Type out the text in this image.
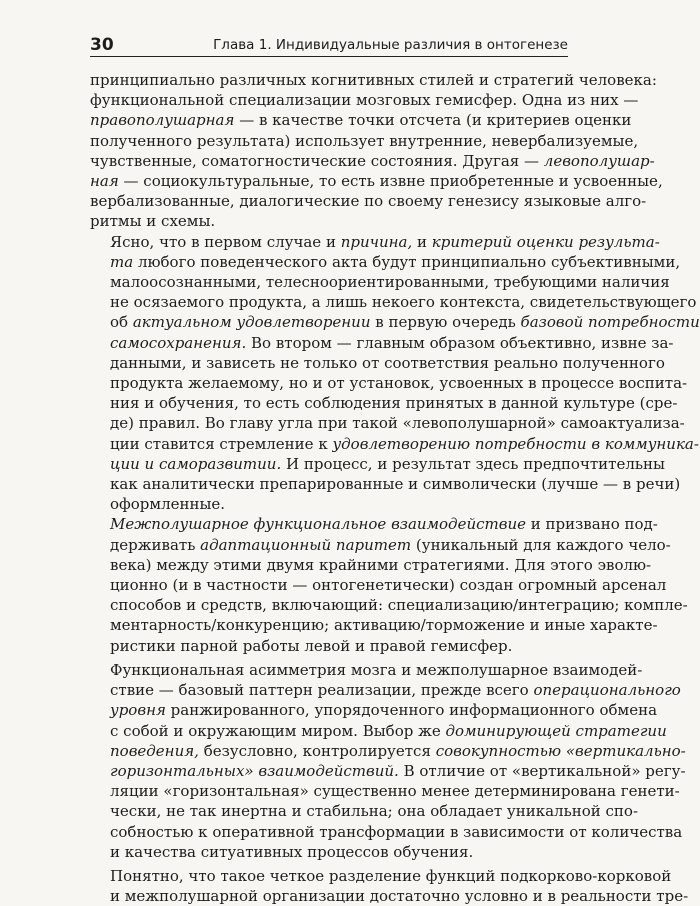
30	Глава 1. Индивидуальные различия в онтогенезе

принципиально различных когнитивных стилей и стратегий человека:
функциональной специализации мозговых гемисфер. Одна из них —
правополушарная — в качестве точки отсчета (и критериев оценки
полученного результата) использует внутренние, невербализуемые,
чувственные, соматогностические состояния. Другая — левополушар-
ная — социокультуральные, то есть извне приобретенные и усвоенные,
вербализованные, диалогические по своему генезису языковые алго-
ритмы и схемы.

Ясно, что в первом случае и причина, и критерий оценки результа-
та любого поведенческого акта будут принципиально субъективными,
малоосознанными, телесноориентированными, требующими наличия
не осязаемого продукта, а лишь некоего контекста, свидетельствующего
об актуальном удовлетворении в первую очередь базовой потребности
самосохранения. Во втором — главным образом объективно, извне за-
данными, и зависеть не только от соответствия реально полученного
продукта желаемому, но и от установок, усвоенных в процессе воспита-
ния и обучения, то есть соблюдения принятых в данной культуре (сре-
де) правил. Во главу угла при такой «левополушарной» самоактуализа-
ции ставится стремление к удовлетворению потребности в коммуника-
ции и саморазвитии. И процесс, и результат здесь предпочтительны
как аналитически препарированные и символически (лучше — в речи)
оформленные.

Межполушарное функциональное взаимодействие и призвано под-
держивать адаптационный паритет (уникальный для каждого чело-
века) между этими двумя крайними стратегиями. Для этого эволю-
ционно (и в частности — онтогенетически) создан огромный арсенал
способов и средств, включающий: специализацию/интеграцию; компле-
ментарность/конкуренцию; активацию/торможение и иные характе-
ристики парной работы левой и правой гемисфер.

Функциональная асимметрия мозга и межполушарное взаимодей-
ствие — базовый паттерн реализации, прежде всего операционального
уровня ранжированного, упорядоченного информационного обмена
с собой и окружающим миром. Выбор же доминирующей стратегии
поведения, безусловно, контролируется совокупностью «вертикально-
горизонтальных» взаимодействий. В отличие от «вертикальной» регу-
ляции «горизонтальная» существенно менее детерминирована генети-
чески, не так инертна и стабильна; она обладает уникальной спо-
собностью к оперативной трансформации в зависимости от количества
и качества ситуативных процессов обучения.

Понятно, что такое четкое разделение функций подкорково-корковой
и межполушарной организации достаточно условно и в реальности тре-
